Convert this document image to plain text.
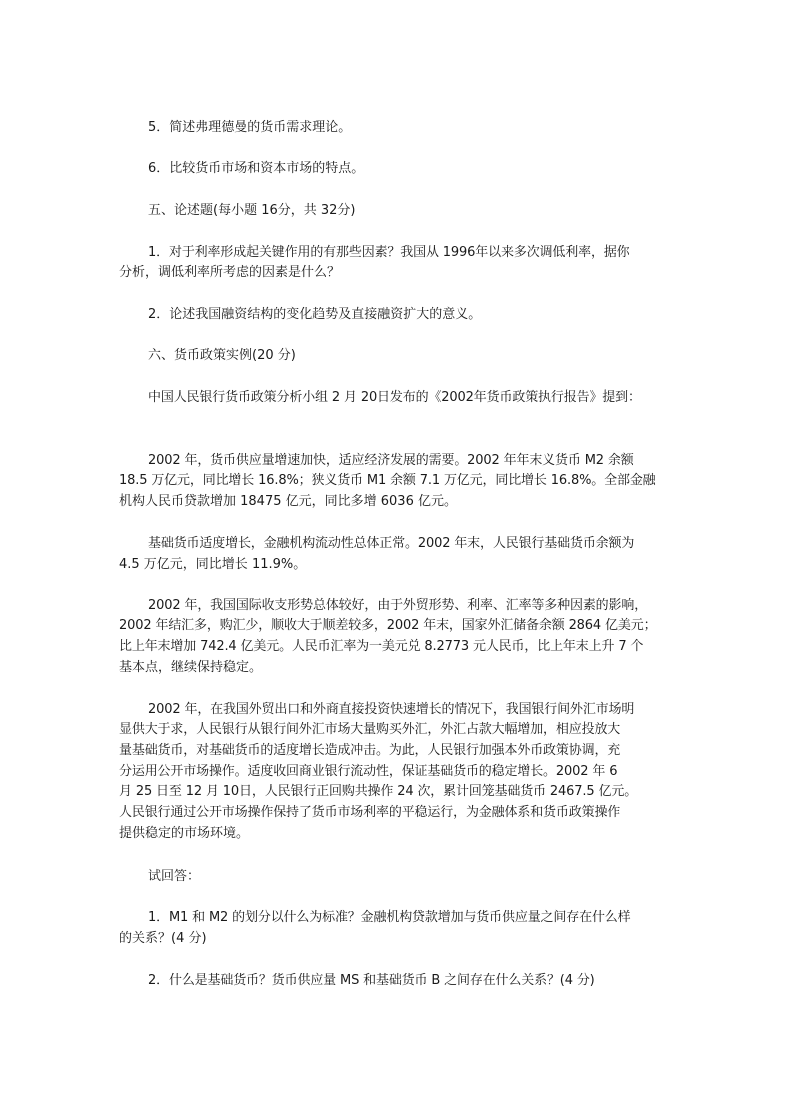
5．简述弗理德曼的货币需求理论。
6．比较货币市场和资本市场的特点。
五、论述题(每小题 16分，共 32分)
1．对于利率形成起关键作用的有那些因素？我国从 1996年以来多次调低利率，据你
分析，调低利率所考虑的因素是什么？
2．论述我国融资结构的变化趋势及直接融资扩大的意义。
六、货币政策实例(20 分)
中国人民银行货币政策分析小组 2 月 20日发布的《2002年货币政策执行报告》提到：
2002 年，货币供应量增速加快，适应经济发展的需要。2002 年年末义货币 M2 余额
18.5 万亿元，同比增长 16.8%；狭义货币 M1 余额 7.1 万亿元，同比增长 16.8%。全部金融
机构人民币贷款增加 18475 亿元，同比多增 6036 亿元。
基础货币适度增长，金融机构流动性总体正常。2002 年末，人民银行基础货币余额为
4.5 万亿元，同比增长 11.9%。
2002 年，我国国际收支形势总体较好，由于外贸形势、利率、汇率等多种因素的影响，
2002 年结汇多，购汇少，顺收大于顺差较多，2002 年末，国家外汇储备余额 2864 亿美元；
比上年末增加 742.4 亿美元。人民币汇率为一美元兑 8.2773 元人民币，比上年末上升 7 个
基本点，继续保持稳定。
2002 年，在我国外贸出口和外商直接投资快速增长的情况下，我国银行间外汇市场明
显供大于求，人民银行从银行间外汇市场大量购买外汇，外汇占款大幅增加，相应投放大
量基础货币，对基础货币的适度增长造成冲击。为此，人民银行加强本外币政策协调，充
分运用公开市场操作。适度收回商业银行流动性，保证基础货币的稳定增长。2002 年 6
月 25 日至 12 月 10日，人民银行正回购共操作 24 次，累计回笼基础货币 2467.5 亿元。
人民银行通过公开市场操作保持了货币市场利率的平稳运行，为金融体系和货币政策操作
提供稳定的市场环境。
试回答：
1．M1 和 M2 的划分以什么为标准？金融机构贷款增加与货币供应量之间存在什么样
的关系？(4 分)
2．什么是基础货币？货币供应量 MS 和基础货币 B 之间存在什么关系？(4 分)
